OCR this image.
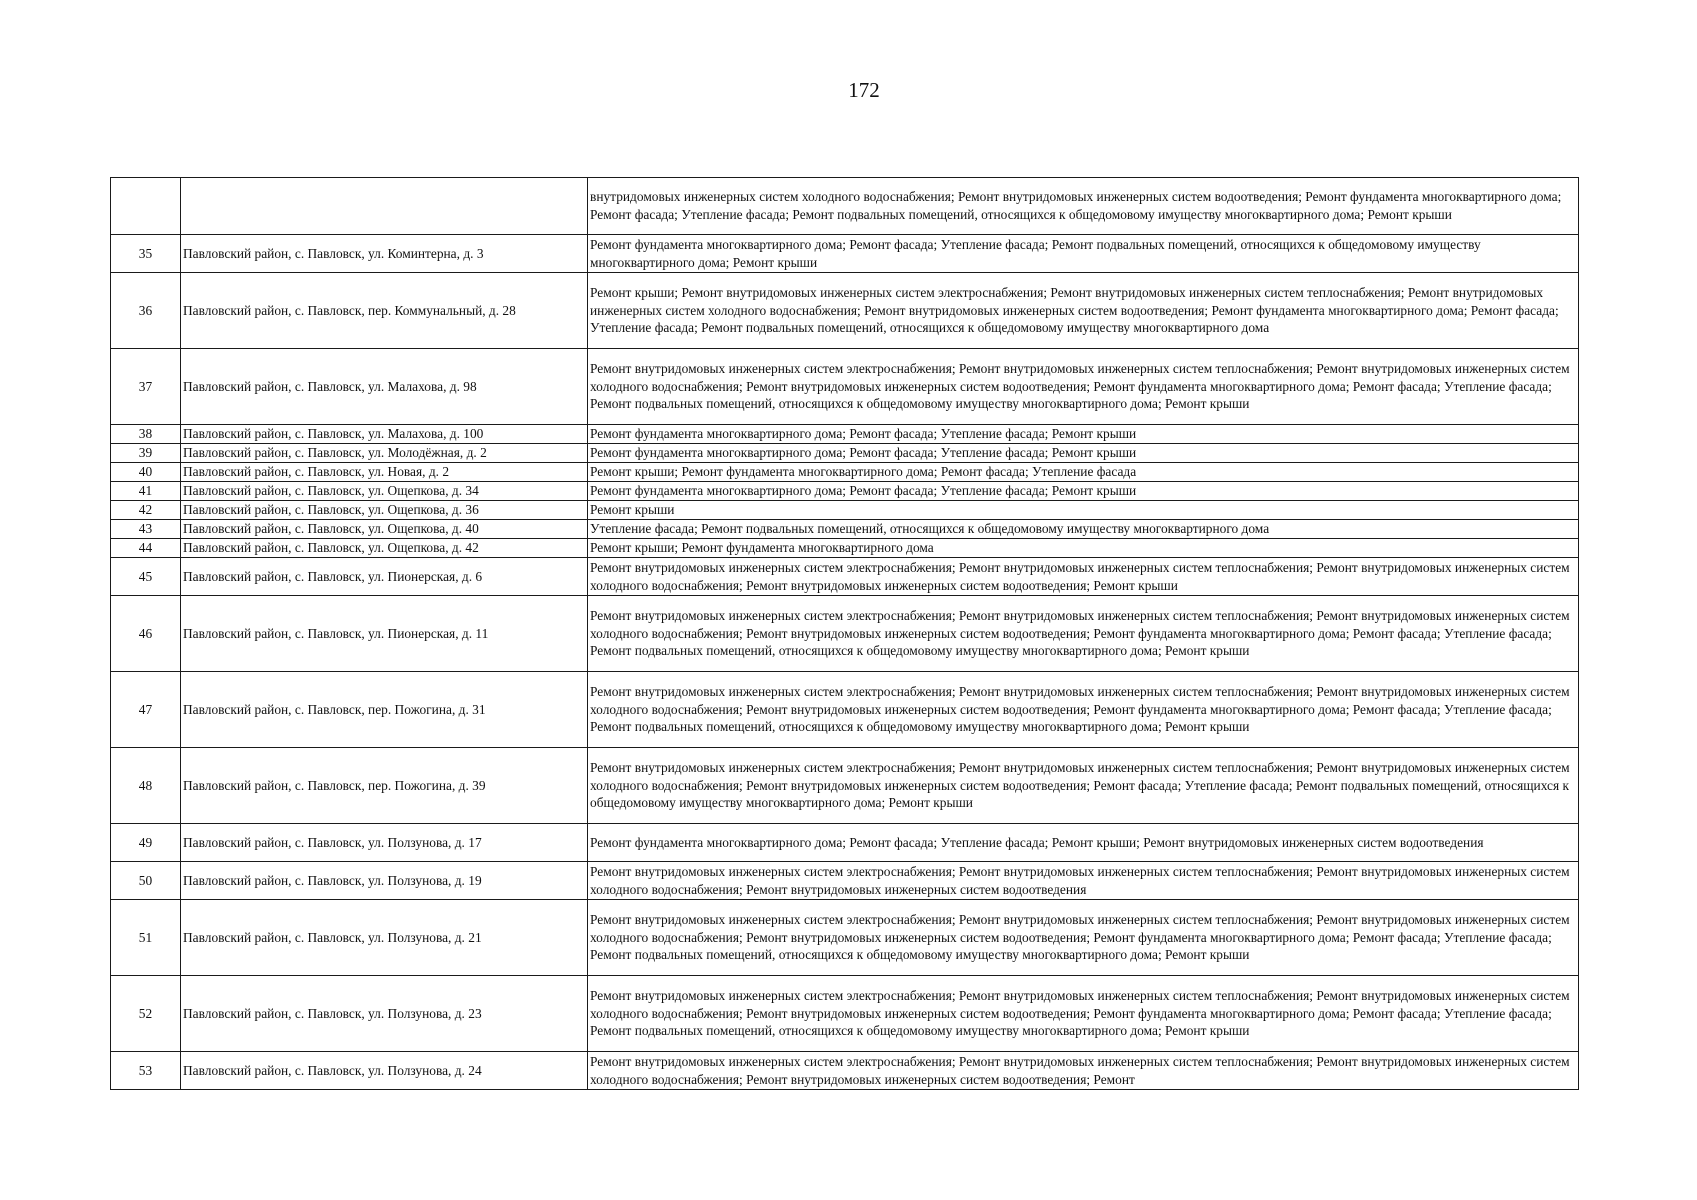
172
		внутридомовых инженерных систем холодного водоснабжения; Ремонт внутридомовых инженерных систем водоотведения; Ремонт фундамента многоквартирного дома; Ремонт фасада; Утепление фасада; Ремонт подвальных помещений, относящихся к общедомовому имуществу многоквартирного дома; Ремонт крыши
35	Павловский район, с. Павловск, ул. Коминтерна, д. 3	Ремонт фундамента многоквартирного дома; Ремонт фасада; Утепление фасада; Ремонт подвальных помещений, относящихся к общедомовому имуществу многоквартирного дома; Ремонт крыши
36	Павловский район, с. Павловск, пер. Коммунальный, д. 28	Ремонт крыши; Ремонт внутридомовых инженерных систем электроснабжения; Ремонт внутридомовых инженерных систем теплоснабжения; Ремонт внутридомовых инженерных систем холодного водоснабжения; Ремонт внутридомовых инженерных систем водоотведения; Ремонт фундамента многоквартирного дома; Ремонт фасада; Утепление фасада; Ремонт подвальных помещений, относящихся к общедомовому имуществу многоквартирного дома
37	Павловский район, с. Павловск, ул. Малахова, д. 98	Ремонт внутридомовых инженерных систем электроснабжения; Ремонт внутридомовых инженерных систем теплоснабжения; Ремонт внутридомовых инженерных систем холодного водоснабжения; Ремонт внутридомовых инженерных систем водоотведения; Ремонт фундамента многоквартирного дома; Ремонт фасада; Утепление фасада; Ремонт подвальных помещений, относящихся к общедомовому имуществу многоквартирного дома; Ремонт крыши
38	Павловский район, с. Павловск, ул. Малахова, д. 100	Ремонт фундамента многоквартирного дома; Ремонт фасада; Утепление фасада; Ремонт крыши
39	Павловский район, с. Павловск, ул. Молодёжная, д. 2	Ремонт фундамента многоквартирного дома; Ремонт фасада; Утепление фасада; Ремонт крыши
40	Павловский район, с. Павловск, ул. Новая, д. 2	Ремонт крыши; Ремонт фундамента многоквартирного дома; Ремонт фасада; Утепление фасада
41	Павловский район, с. Павловск, ул. Ощепкова, д. 34	Ремонт фундамента многоквартирного дома; Ремонт фасада; Утепление фасада; Ремонт крыши
42	Павловский район, с. Павловск, ул. Ощепкова, д. 36	Ремонт крыши
43	Павловский район, с. Павловск, ул. Ощепкова, д. 40	Утепление фасада; Ремонт подвальных помещений, относящихся к общедомовому имуществу многоквартирного дома
44	Павловский район, с. Павловск, ул. Ощепкова, д. 42	Ремонт крыши; Ремонт фундамента многоквартирного дома
45	Павловский район, с. Павловск, ул. Пионерская, д. 6	Ремонт внутридомовых инженерных систем электроснабжения; Ремонт внутридомовых инженерных систем теплоснабжения; Ремонт внутридомовых инженерных систем холодного водоснабжения; Ремонт внутридомовых инженерных систем водоотведения; Ремонт крыши
46	Павловский район, с. Павловск, ул. Пионерская, д. 11	Ремонт внутридомовых инженерных систем электроснабжения; Ремонт внутридомовых инженерных систем теплоснабжения; Ремонт внутридомовых инженерных систем холодного водоснабжения; Ремонт внутридомовых инженерных систем водоотведения; Ремонт фундамента многоквартирного дома; Ремонт фасада; Утепление фасада; Ремонт подвальных помещений, относящихся к общедомовому имуществу многоквартирного дома; Ремонт крыши
47	Павловский район, с. Павловск, пер. Пожогина, д. 31	Ремонт внутридомовых инженерных систем электроснабжения; Ремонт внутридомовых инженерных систем теплоснабжения; Ремонт внутридомовых инженерных систем холодного водоснабжения; Ремонт внутридомовых инженерных систем водоотведения; Ремонт фундамента многоквартирного дома; Ремонт фасада; Утепление фасада; Ремонт подвальных помещений, относящихся к общедомовому имуществу многоквартирного дома; Ремонт крыши
48	Павловский район, с. Павловск, пер. Пожогина, д. 39	Ремонт внутридомовых инженерных систем электроснабжения; Ремонт внутридомовых инженерных систем теплоснабжения; Ремонт внутридомовых инженерных систем холодного водоснабжения; Ремонт внутридомовых инженерных систем водоотведения; Ремонт фасада; Утепление фасада; Ремонт подвальных помещений, относящихся к общедомовому имуществу многоквартирного дома; Ремонт крыши
49	Павловский район, с. Павловск, ул. Ползунова, д. 17	Ремонт фундамента многоквартирного дома; Ремонт фасада; Утепление фасада; Ремонт крыши; Ремонт внутридомовых инженерных систем водоотведения
50	Павловский район, с. Павловск, ул. Ползунова, д. 19	Ремонт внутридомовых инженерных систем электроснабжения; Ремонт внутридомовых инженерных систем теплоснабжения; Ремонт внутридомовых инженерных систем холодного водоснабжения; Ремонт внутридомовых инженерных систем водоотведения
51	Павловский район, с. Павловск, ул. Ползунова, д. 21	Ремонт внутридомовых инженерных систем электроснабжения; Ремонт внутридомовых инженерных систем теплоснабжения; Ремонт внутридомовых инженерных систем холодного водоснабжения; Ремонт внутридомовых инженерных систем водоотведения; Ремонт фундамента многоквартирного дома; Ремонт фасада; Утепление фасада; Ремонт подвальных помещений, относящихся к общедомовому имуществу многоквартирного дома; Ремонт крыши
52	Павловский район, с. Павловск, ул. Ползунова, д. 23	Ремонт внутридомовых инженерных систем электроснабжения; Ремонт внутридомовых инженерных систем теплоснабжения; Ремонт внутридомовых инженерных систем холодного водоснабжения; Ремонт внутридомовых инженерных систем водоотведения; Ремонт фундамента многоквартирного дома; Ремонт фасада; Утепление фасада; Ремонт подвальных помещений, относящихся к общедомовому имуществу многоквартирного дома; Ремонт крыши
53	Павловский район, с. Павловск, ул. Ползунова, д. 24	Ремонт внутридомовых инженерных систем электроснабжения; Ремонт внутридомовых инженерных систем теплоснабжения; Ремонт внутридомовых инженерных систем холодного водоснабжения; Ремонт внутридомовых инженерных систем водоотведения; Ремонт
